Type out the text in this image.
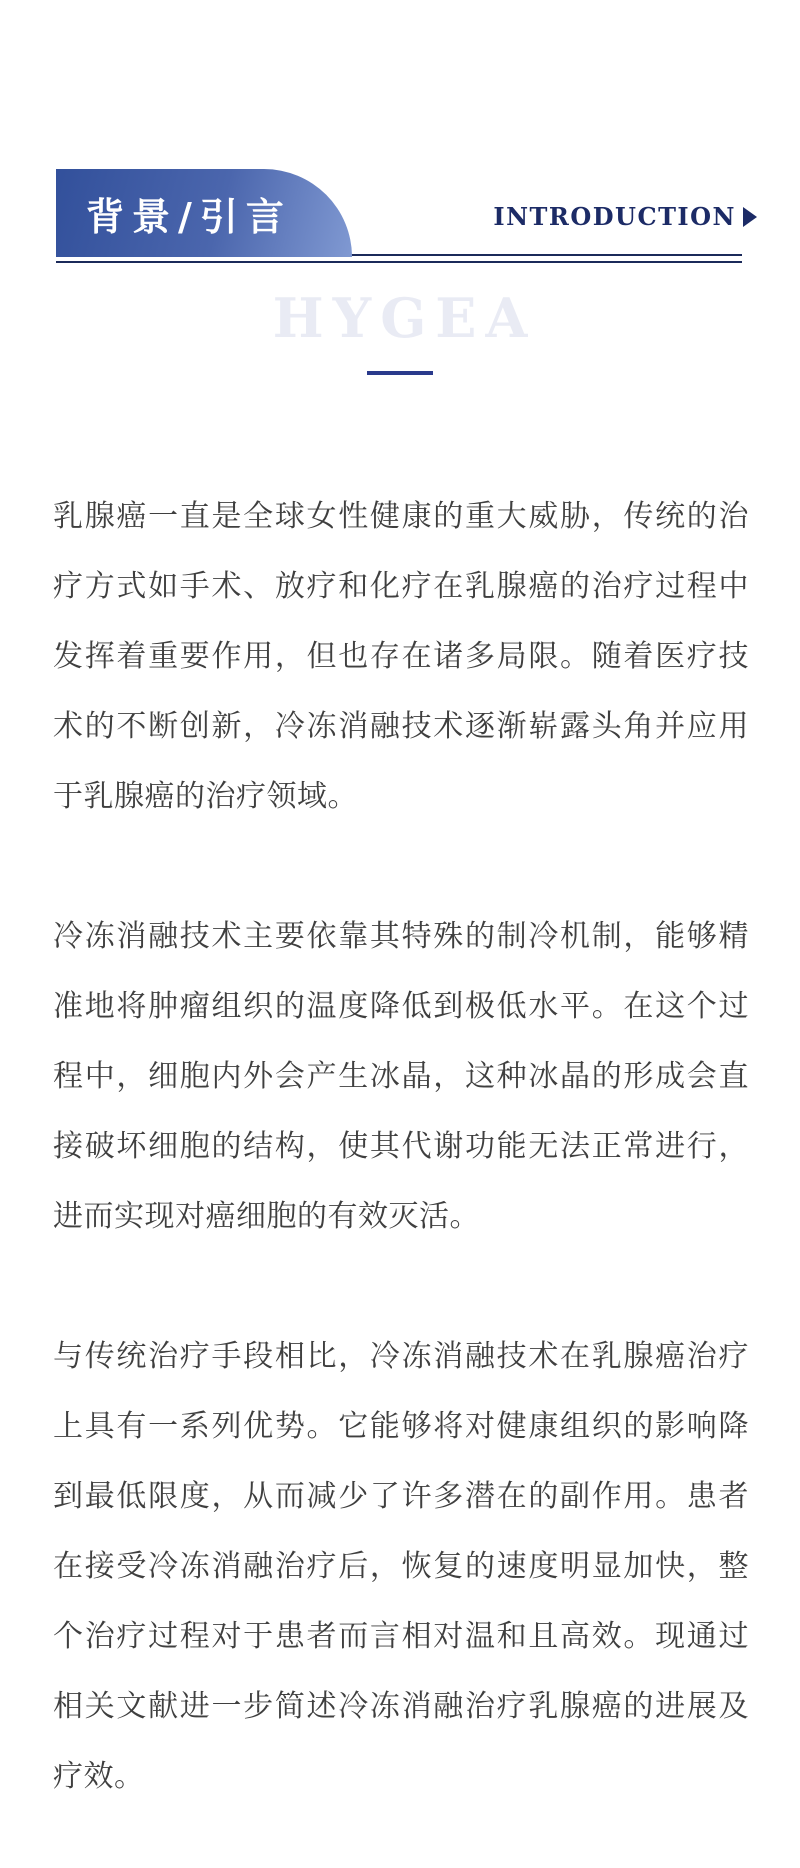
背景/引言	INTRODUCTION
HYGEA

乳腺癌一直是全球女性健康的重大威胁，传统的治疗方式如手术、放疗和化疗在乳腺癌的治疗过程中发挥着重要作用，但也存在诸多局限。随着医疗技术的不断创新，冷冻消融技术逐渐崭露头角并应用于乳腺癌的治疗领域。

冷冻消融技术主要依靠其特殊的制冷机制，能够精准地将肿瘤组织的温度降低到极低水平。在这个过程中，细胞内外会产生冰晶，这种冰晶的形成会直接破坏细胞的结构，使其代谢功能无法正常进行，进而实现对癌细胞的有效灭活。

与传统治疗手段相比，冷冻消融技术在乳腺癌治疗上具有一系列优势。它能够将对健康组织的影响降到最低限度，从而减少了许多潜在的副作用。患者在接受冷冻消融治疗后，恢复的速度明显加快，整个治疗过程对于患者而言相对温和且高效。现通过相关文献进一步简述冷冻消融治疗乳腺癌的进展及疗效。
